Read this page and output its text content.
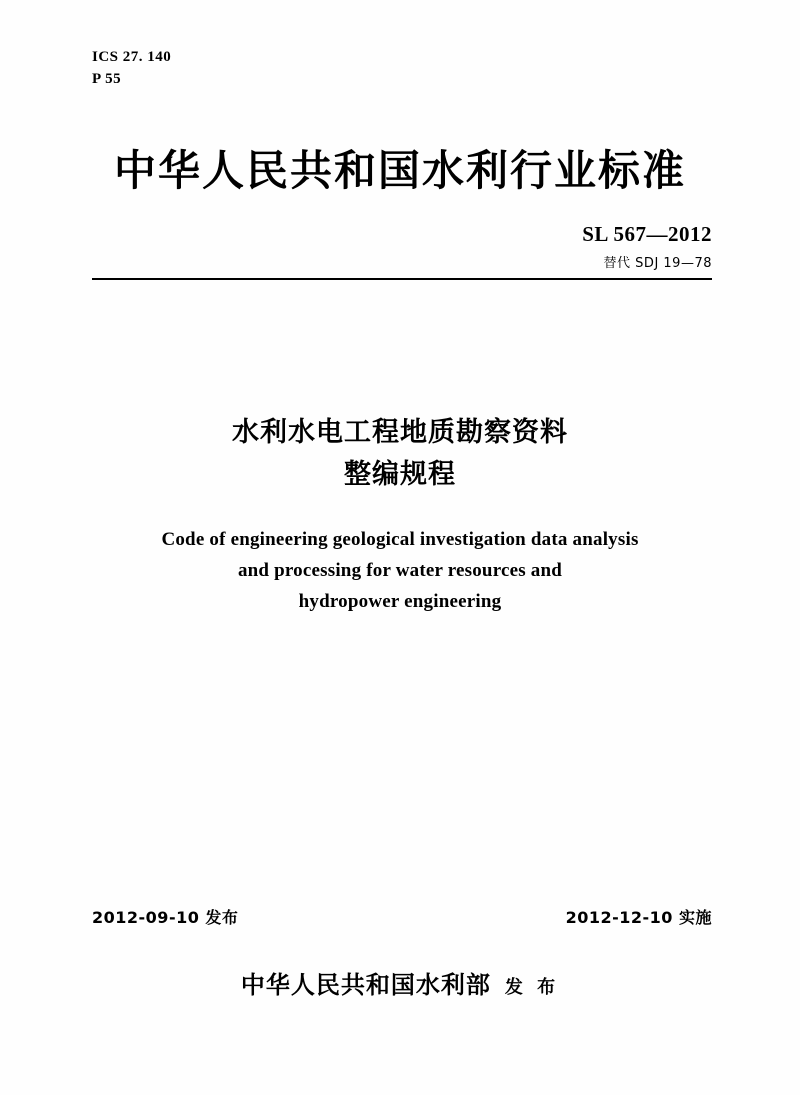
ICS 27. 140
P 55
中华人民共和国水利行业标准
SL 567—2012
替代 SDJ 19—78
水利水电工程地质勘察资料
整编规程
Code of engineering geological investigation data analysis
and processing for water resources and
hydropower engineering
2012-09-10 发布	2012-12-10 实施
中华人民共和国水利部 发 布
